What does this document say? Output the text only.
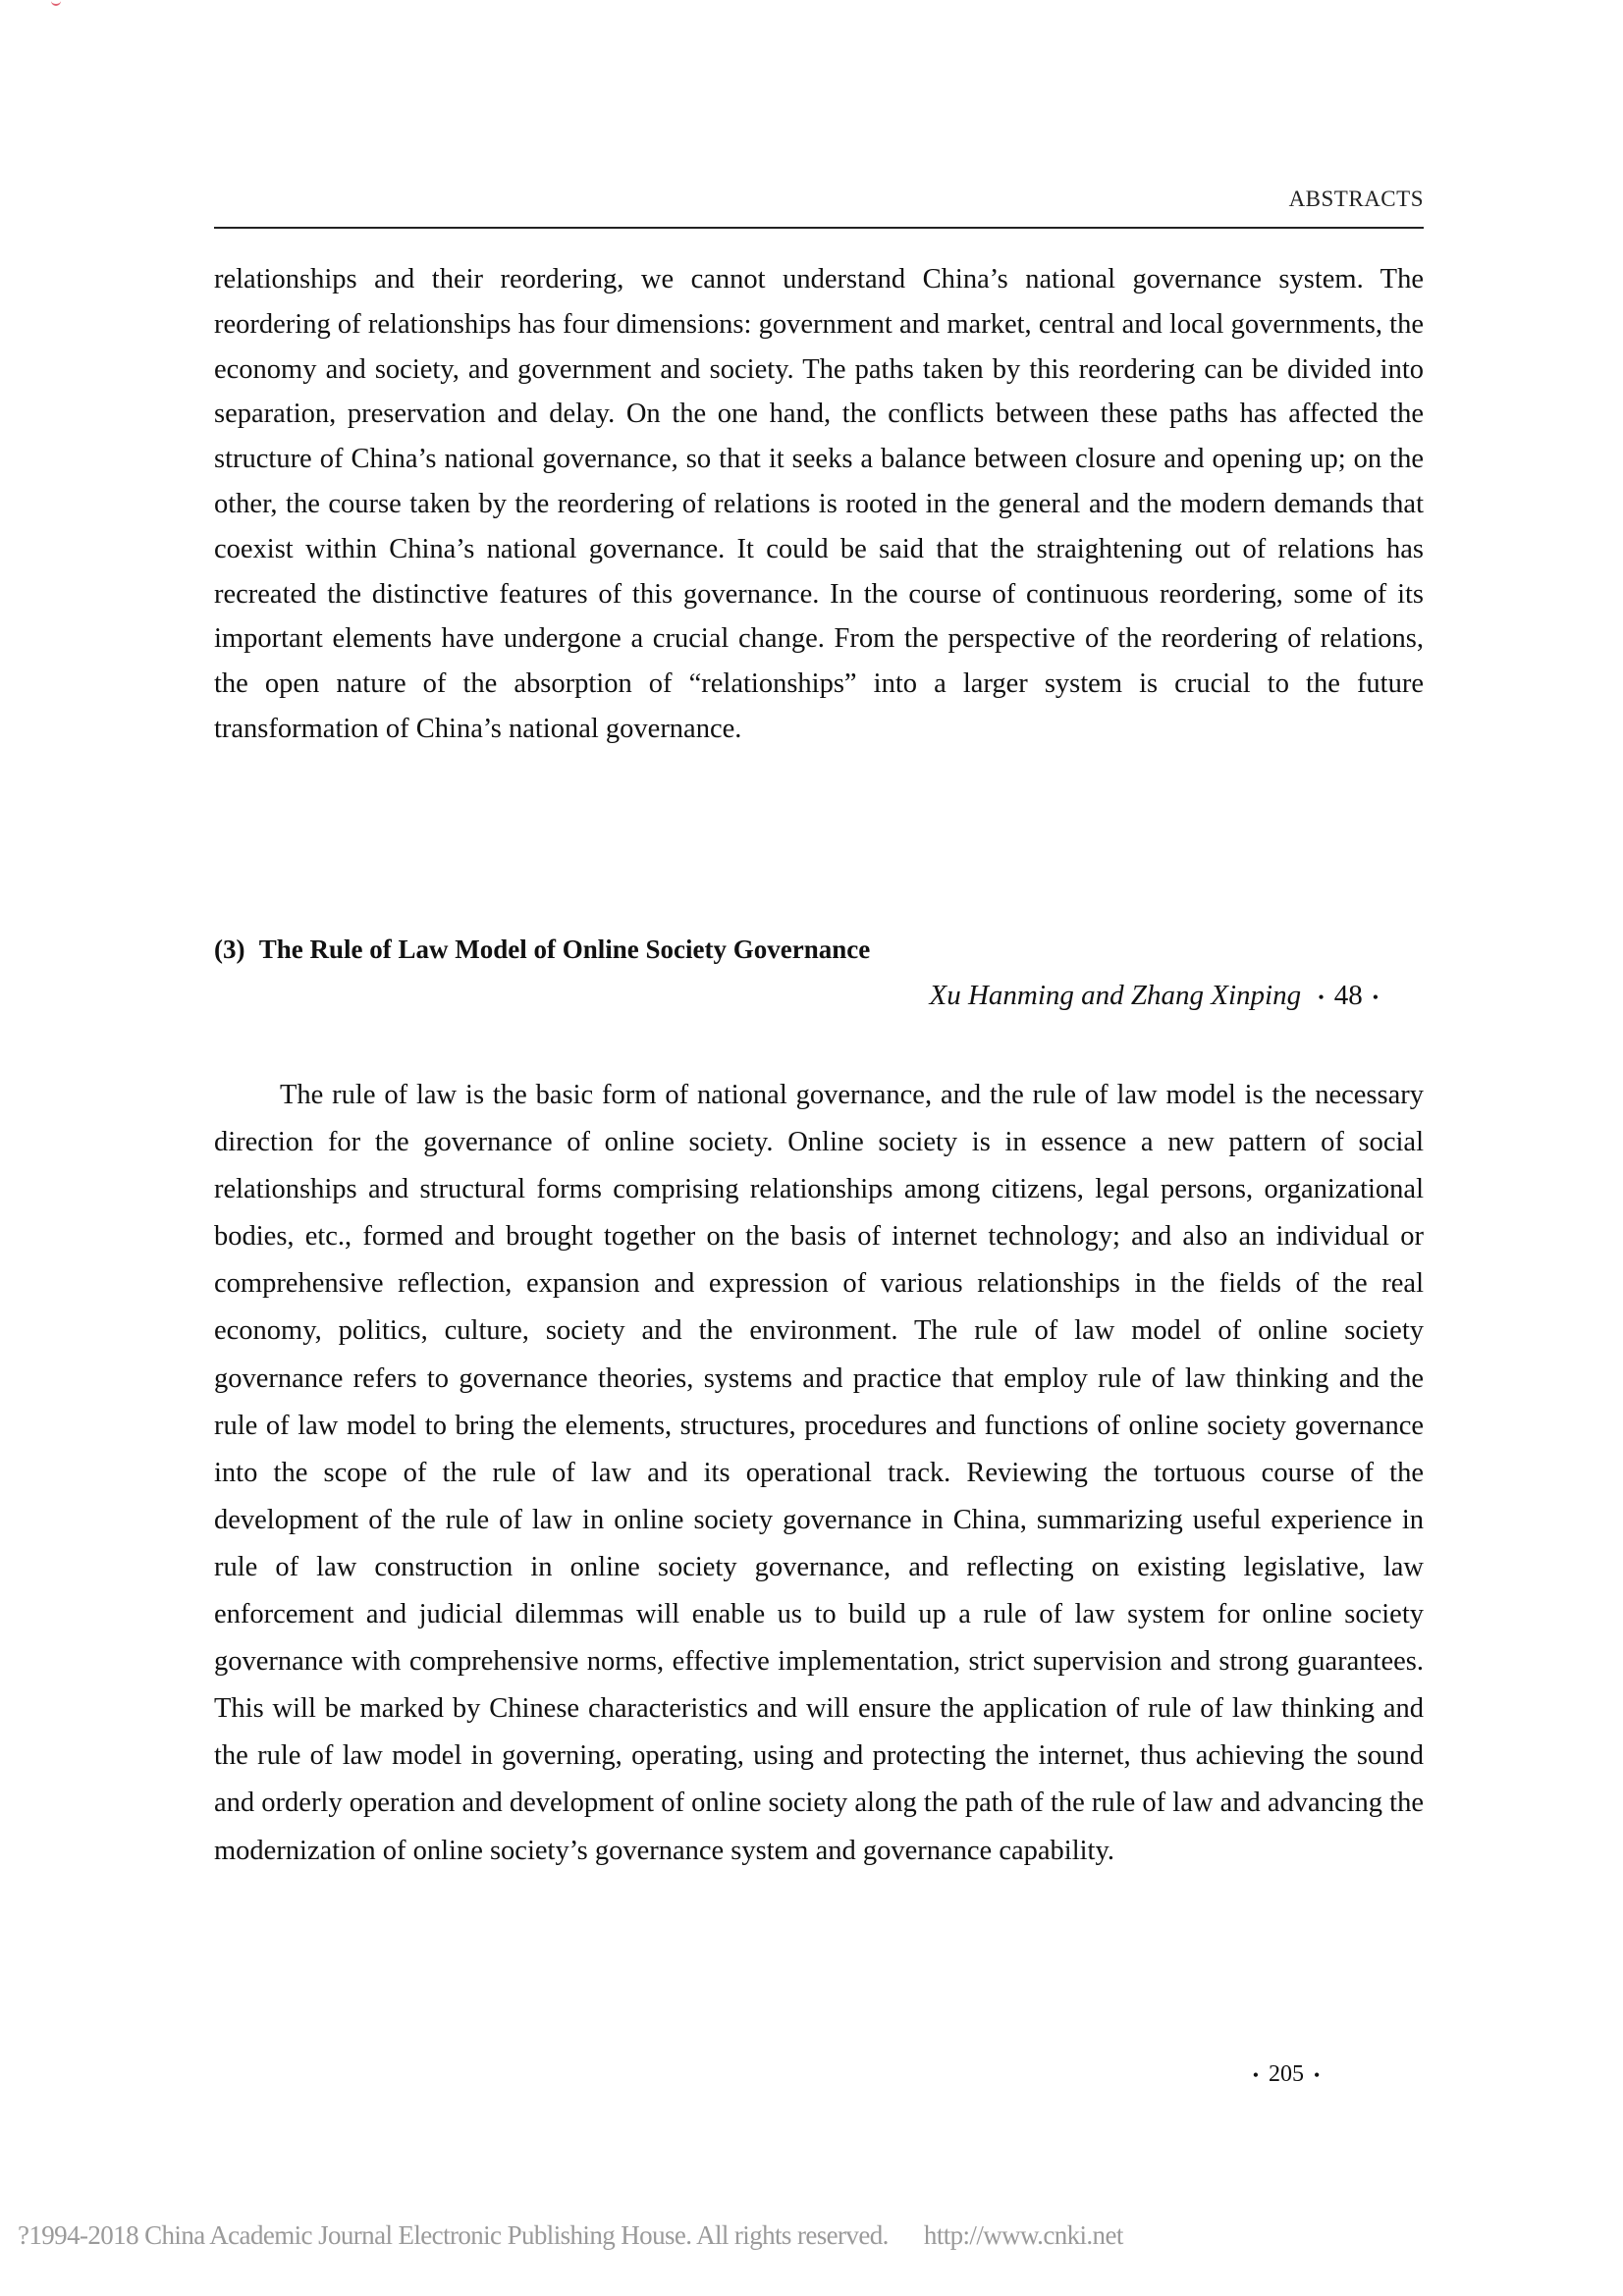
ABSTRACTS

relationships and their reordering, we cannot understand China’s national governance system. The reordering of relationships has four dimensions: government and market, central and local governments, the economy and society, and government and society. The paths taken by this reordering can be divided into separation, preservation and delay. On the one hand, the conflicts between these paths has affected the structure of China’s national governance, so that it seeks a balance between closure and opening up; on the other, the course taken by the reordering of relations is rooted in the general and the modern demands that coexist within China’s national governance. It could be said that the straightening out of relations has recreated the distinctive features of this governance. In the course of continuous reordering, some of its important elements have undergone a crucial change. From the perspective of the reordering of relations, the open nature of the absorption of “relationships” into a larger system is crucial to the future transformation of China’s national governance.

(3) The Rule of Law Model of Online Society Governance
Xu Hanming and Zhang Xinping • 48 •

The rule of law is the basic form of national governance, and the rule of law model is the necessary direction for the governance of online society. Online society is in essence a new pattern of social relationships and structural forms comprising relationships among citizens, legal persons, organizational bodies, etc., formed and brought together on the basis of internet technology; and also an individual or comprehensive reflection, expansion and expression of various relationships in the fields of the real economy, politics, culture, society and the environment. The rule of law model of online society governance refers to governance theories, systems and practice that employ rule of law thinking and the rule of law model to bring the elements, structures, procedures and functions of online society governance into the scope of the rule of law and its operational track. Reviewing the tortuous course of the development of the rule of law in online society governance in China, summarizing useful experience in rule of law construction in online society governance, and reflecting on existing legislative, law enforcement and judicial dilemmas will enable us to build up a rule of law system for online society governance with comprehensive norms, effective implementation, strict supervision and strong guarantees. This will be marked by Chinese characteristics and will ensure the application of rule of law thinking and the rule of law model in governing, operating, using and protecting the internet, thus achieving the sound and orderly operation and development of online society along the path of the rule of law and advancing the modernization of online society’s governance system and governance capability.

• 205 •
?1994-2018 China Academic Journal Electronic Publishing House. All rights reserved. http://www.cnki.net
